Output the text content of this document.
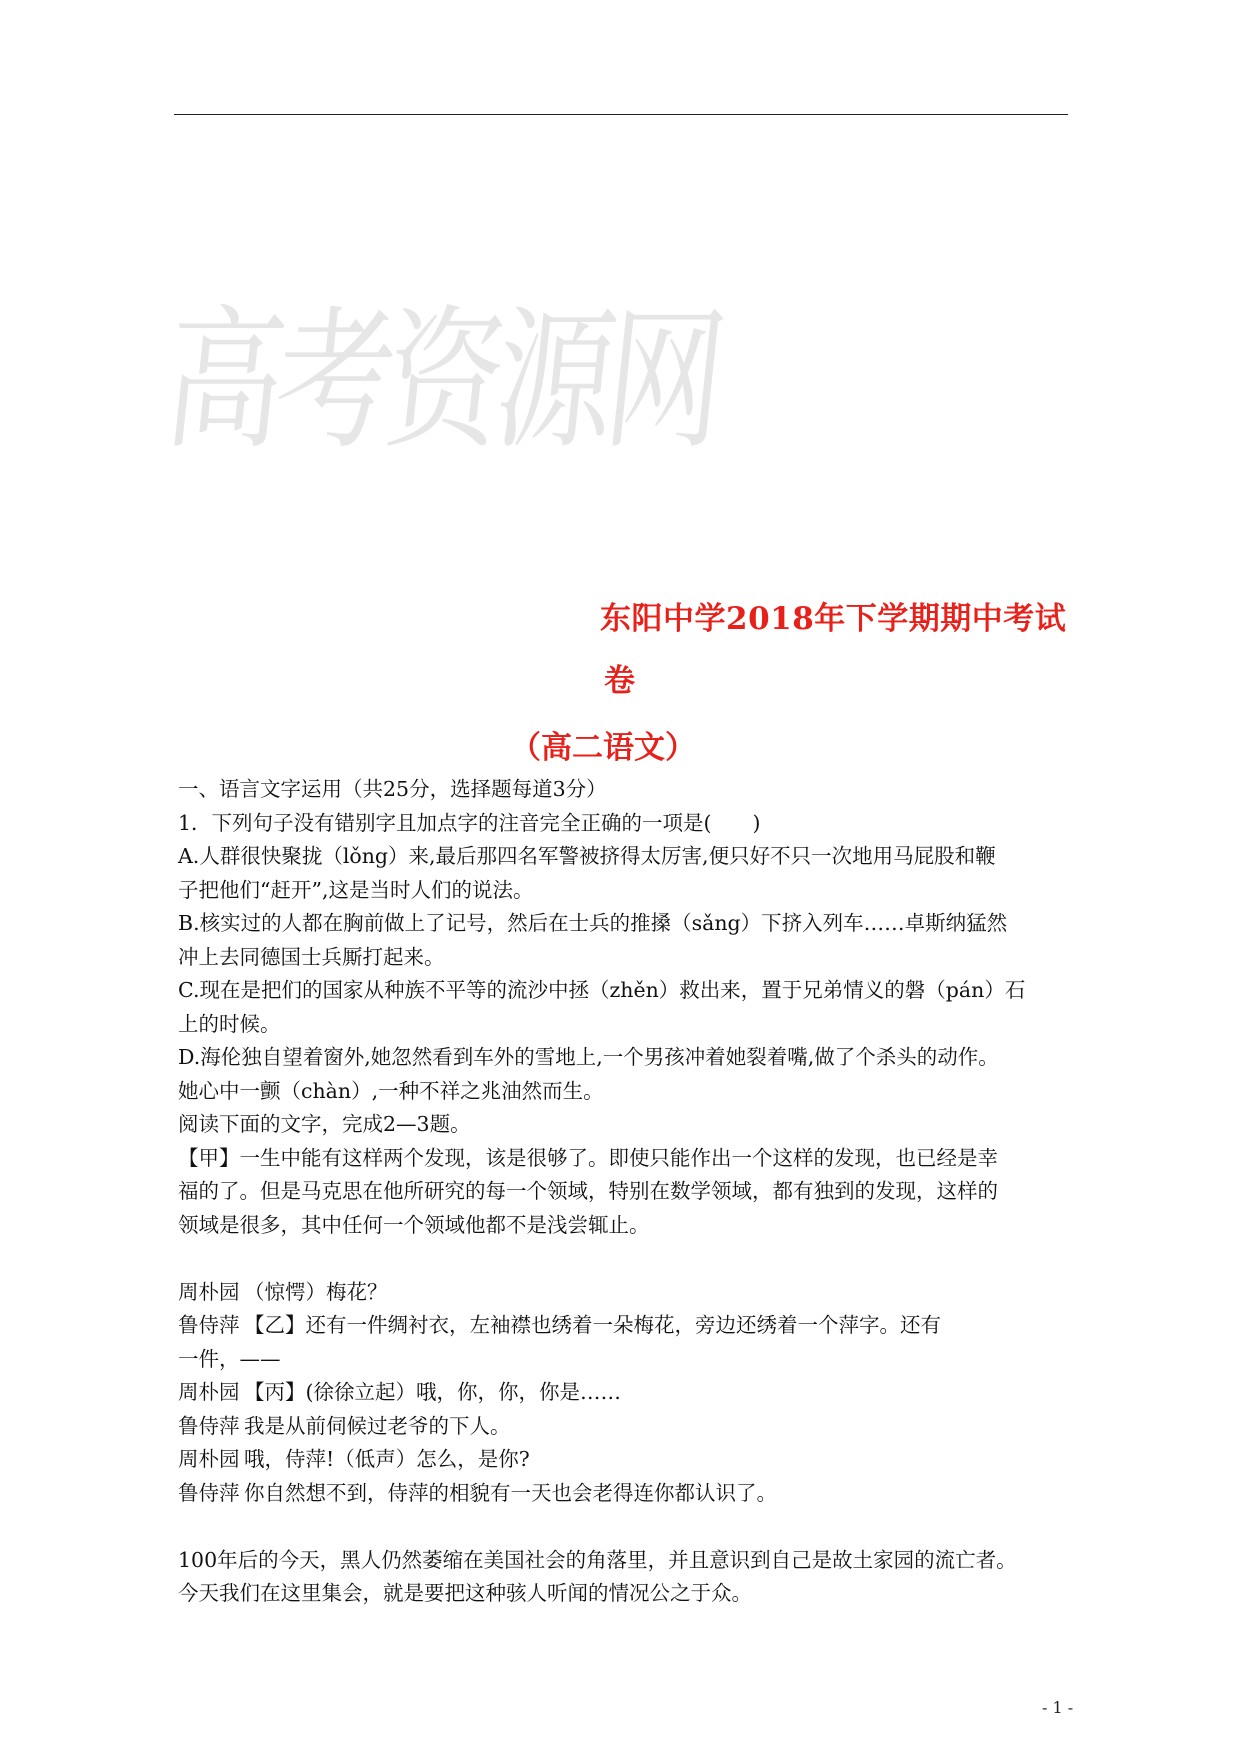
高考资源网
东阳中学2018年下学期期中考试
卷
（高二语文）

一、语言文字运用（共25分，选择题每道3分）

1．下列句子没有错别字且加点字的注音完全正确的一项是(　　)

A.人群很快聚拢（lǒng）来,最后那四名军警被挤得太厉害,便只好不只一次地用马屁股和鞭

子把他们“赶开”,这是当时人们的说法。

B.核实过的人都在胸前做上了记号，然后在士兵的推搡（sǎng）下挤入列车……卓斯纳猛然

冲上去同德国士兵厮打起来。

C.现在是把们的国家从种族不平等的流沙中拯（zhěn）救出来，置于兄弟情义的磐（pán）石

上的时候。

D.海伦独自望着窗外,她忽然看到车外的雪地上,一个男孩冲着她裂着嘴,做了个杀头的动作。

她心中一颤（chàn）,一种不祥之兆油然而生。

阅读下面的文字，完成2—3题。

【甲】一生中能有这样两个发现，该是很够了。即使只能作出一个这样的发现，也已经是幸

福的了。但是马克思在他所研究的每一个领域，特别在数学领域，都有独到的发现，这样的

领域是很多，其中任何一个领域他都不是浅尝辄止。

周朴园 （惊愕）梅花？
鲁侍萍 【乙】还有一件绸衬衣，左袖襟也绣着一朵梅花，旁边还绣着一个萍字。还有
一件，——
周朴园 【丙】(徐徐立起）哦，你，你，你是……
鲁侍萍 我是从前伺候过老爷的下人。
周朴园 哦，侍萍!（低声）怎么，是你?
鲁侍萍 你自然想不到，侍萍的相貌有一天也会老得连你都认识了。

100年后的今天，黑人仍然萎缩在美国社会的角落里，并且意识到自己是故土家园的流亡者。

今天我们在这里集会，就是要把这种骇人听闻的情况公之于众。

- 1 -
